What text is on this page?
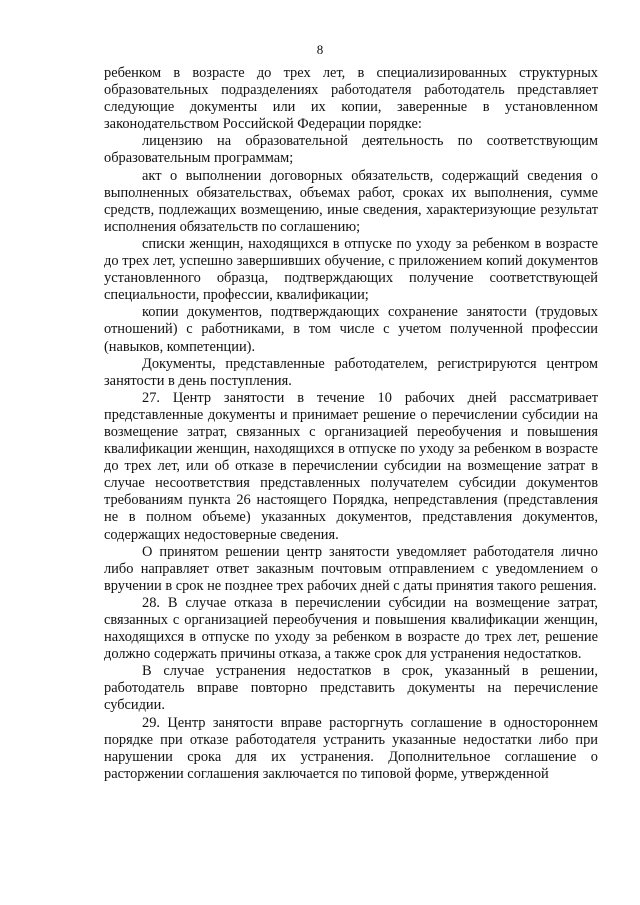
8

ребенком в возрасте до трех лет, в специализированных структурных образовательных подразделениях работодателя работодатель представляет следующие документы или их копии, заверенные в установленном законодательством Российской Федерации порядке:

лицензию на образовательной деятельность по соответствующим образовательным программам;

акт о выполнении договорных обязательств, содержащий сведения о выполненных обязательствах, объемах работ, сроках их выполнения, сумме средств, подлежащих возмещению, иные сведения, характеризующие результат исполнения обязательств по соглашению;

списки женщин, находящихся в отпуске по уходу за ребенком в возрасте до трех лет, успешно завершивших обучение, с приложением копий документов установленного образца, подтверждающих получение соответствующей специальности, профессии, квалификации;

копии документов, подтверждающих сохранение занятости (трудовых отношений) с работниками, в том числе с учетом полученной профессии (навыков, компетенции).

Документы, представленные работодателем, регистрируются центром занятости в день поступления.

27. Центр занятости в течение 10 рабочих дней рассматривает представленные документы и принимает решение о перечислении субсидии на возмещение затрат, связанных с организацией переобучения и повышения квалификации женщин, находящихся в отпуске по уходу за ребенком в возрасте до трех лет, или об отказе в перечислении субсидии на возмещение затрат в случае несоответствия представленных получателем субсидии документов требованиям пункта 26 настоящего Порядка, непредставления (представления не в полном объеме) указанных документов, представления документов, содержащих недостоверные сведения.

О принятом решении центр занятости уведомляет работодателя лично либо направляет ответ заказным почтовым отправлением с уведомлением о вручении в срок не позднее трех рабочих дней с даты принятия такого решения.

28. В случае отказа в перечислении субсидии на возмещение затрат, связанных с организацией переобучения и повышения квалификации женщин, находящихся в отпуске по уходу за ребенком в возрасте до трех лет, решение должно содержать причины отказа, а также срок для устранения недостатков.

В случае устранения недостатков в срок, указанный в решении, работодатель вправе повторно представить документы на перечисление субсидии.

29. Центр занятости вправе расторгнуть соглашение в одностороннем порядке при отказе работодателя устранить указанные недостатки либо при нарушении срока для их устранения. Дополнительное соглашение о расторжении соглашения заключается по типовой форме, утвержденной
